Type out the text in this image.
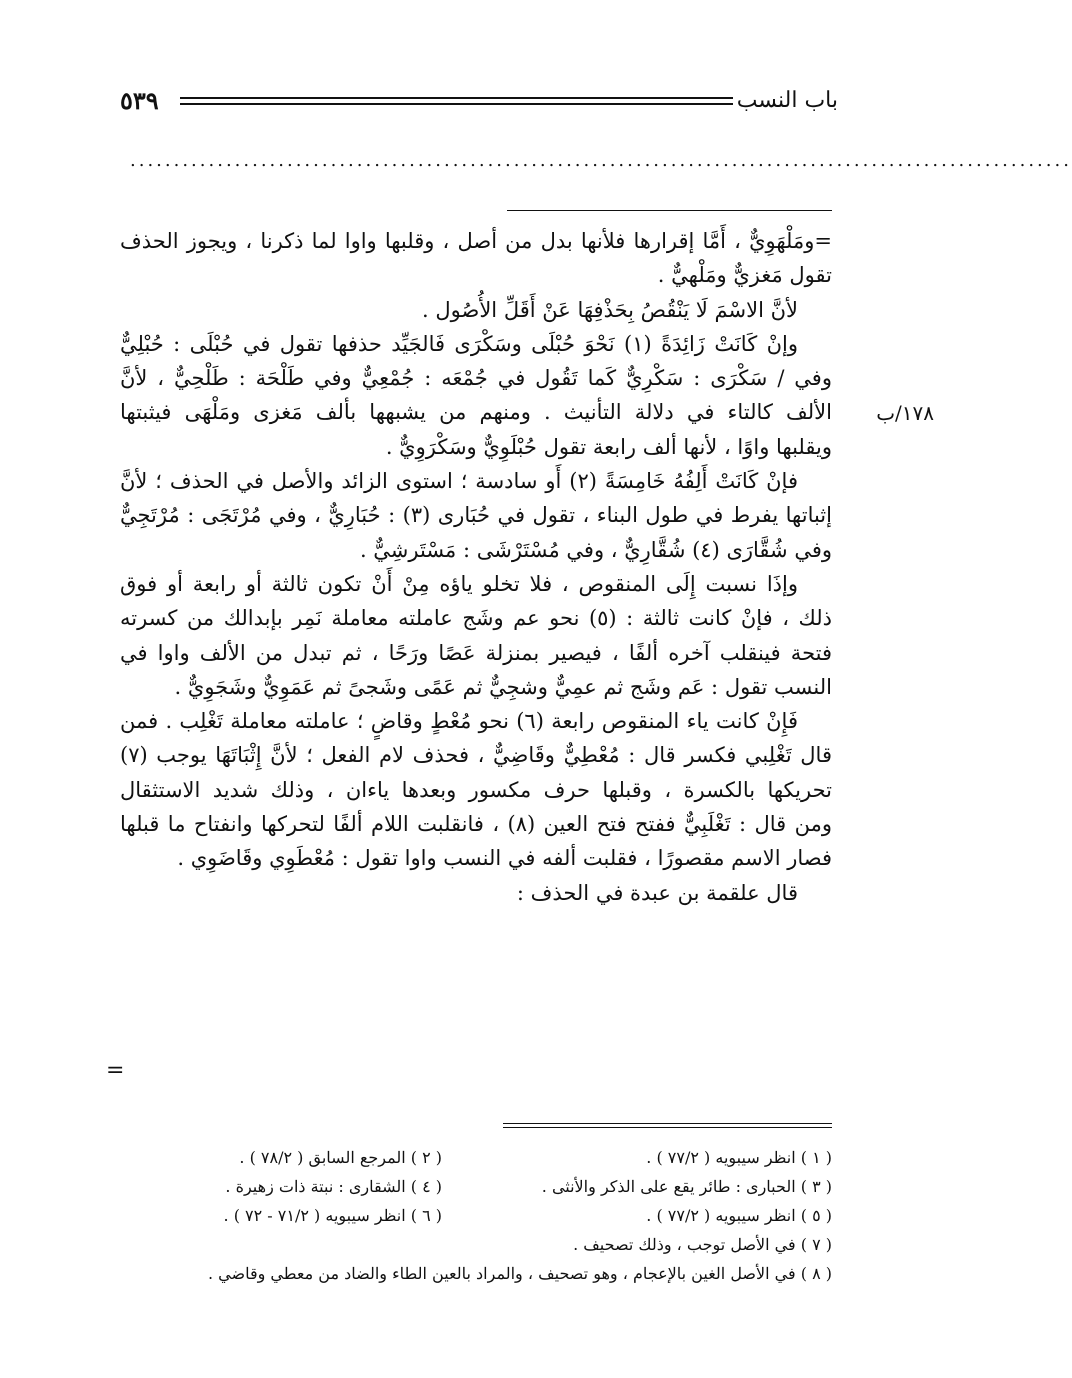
باب النسب
٥٣٩
............................................................................................................
١٧٨/ب
=ومَلْهَوِيٌّ ، أَمَّا إقرارها فلأنها بدل من أصل ، وقلبها واوا لما ذكرنا ، ويجوز الحذف
تقول مَغزيٌّ ومَلْهيٌّ .
لأنَّ الاسْمَ لَا يَنْقُصُ بِحَذْفِهَا عَنْ أَقَلِّ الأُصُول .
وإنْ كَانَتْ زَائِدَةً (١) نَحْوَ حُبْلَى وسَكْرَى فَالجَيِّد حذفها تقول في حُبْلَى : حُبْلِيٌّ
وفي / سَكْرَى : سَكْرِيٌّ كَما تَقُول في جُمْعَه : جُمْعِيٌّ وفي طَلْحَة : طَلْحِيٌّ ، لأنَّ
الألف كالتاء في دلالة التأنيث . ومنهم من يشبهها بألف مَغزى ومَلْهَى فيثبتها
ويقلبها واوًا ، لأنها ألف رابعة تقول حُبْلَوِيٌّ وسَكْرَوِيٌّ .
فإنْ كَانَتْ أَلِفُهُ خَامِسَةً (٢) أَو سادسة ؛ استوى الزائد والأصل في الحذف ؛ لأنَّ
إثباتها يفرط في طول البناء ، تقول في حُبَارى (٣) : حُبَارِيٌّ ، وفي مُرْتَجَى : مُرْتَجِيٌّ
وفي شُقَّارَى (٤) شُقَّارِيٌّ ، وفي مُسْتَرْشَى : مَسْتَرشِيٌّ .
وإذَا نسبت إِلَى المنقوص ، فلا تخلو ياؤه مِنْ أَنْ تكون ثالثة أو رابعة أو فوق
ذلك ، فإنْ كانت ثالثة : (٥) نحو عم وشَج عاملته معاملة نَمِر بإبدالك من كسرته
فتحة فينقلب آخره ألفًا ، فيصير بمنزلة عَصًا ورَحًا ، ثم تبدل من الألف واوا في
النسب تقول : عَم وشَج ثم عمِيٌّ وشجِيٌّ ثم عَمًى وشَجىً ثم عَمَوِيٌّ وشَجَوِيٌّ .
فَإِنْ كانت ياء المنقوص رابعة (٦) نحو مُعْطٍ وقاضٍ ؛ عاملته معاملة تَغْلِب . فمن
قال تَغْلِبي فكسر قال : مُعْطِيٌّ وقَاضِيٌّ ، فحذف لام الفعل ؛ لأنَّ إِثْبَاتَهَا يوجب (٧)
تحريكها بالكسرة ، وقبلها حرف مكسور وبعدها ياءان ، وذلك شديد الاستثقال
ومن قال : تَغْلَبِيٌّ ففتح فتح العين (٨) ، فانقلبت اللام ألفًا لتحركها وانفتاح ما قبلها
فصار الاسم مقصورًا ، فقلبت ألفه في النسب واوا تقول : مُعْطَوِي وقَاضَوِي .
قال علقمة بن عبدة في الحذف :
=
( ١ ) انظر سيبويه ( ٧٧/٢ ) .
( ٢ ) المرجع السابق ( ٧٨/٢ ) .
( ٣ ) الحبارى : طائر يقع على الذكر والأنثى .
( ٤ ) الشقارى : نبتة ذات زهيرة .
( ٥ ) انظر سيبويه ( ٧٧/٢ ) .
( ٦ ) انظر سيبويه ( ٧١/٢ - ٧٢ ) .
( ٧ ) في الأصل توجب ، وذلك تصحيف .
( ٨ ) في الأصل الغين بالإعجام ، وهو تصحيف ، والمراد بالعين الطاء والضاد من معطي وقاضي .
